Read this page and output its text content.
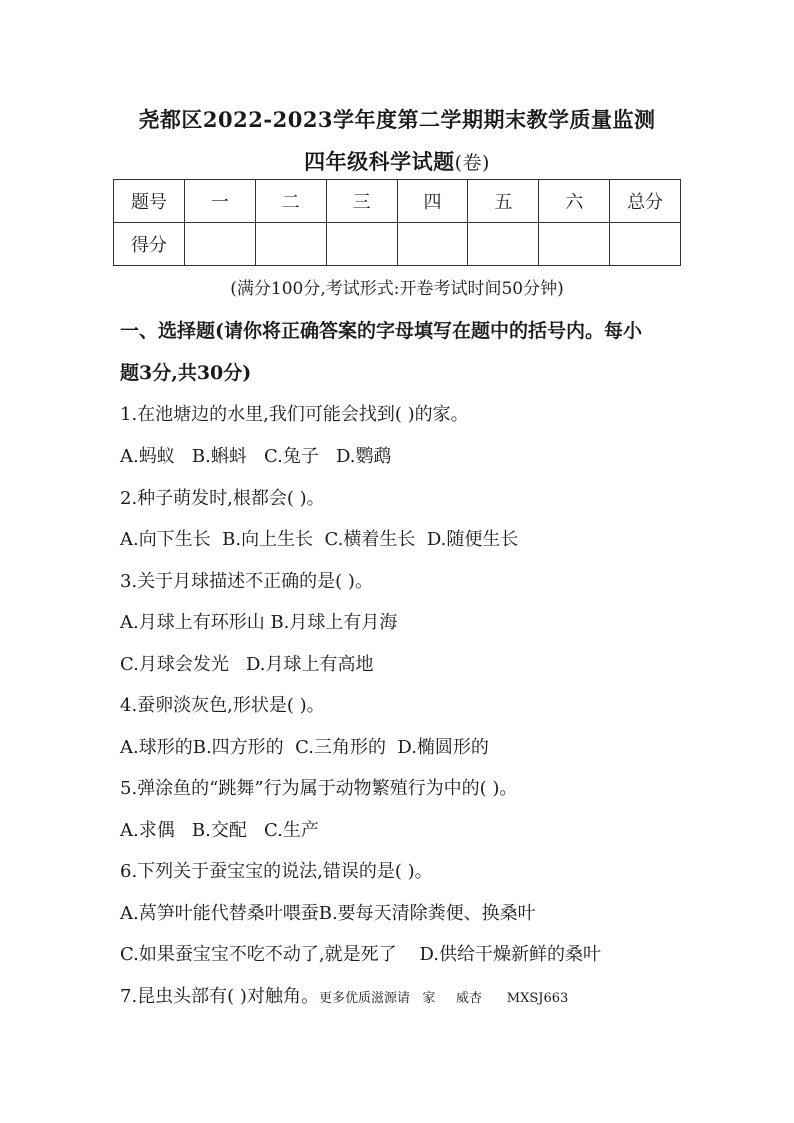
尧都区2022-2023学年度第二学期期末教学质量监测
四年级科学试题(卷)
题号	一	二	三	四	五	六	总分
得分							
(满分100分,考试形式:开卷考试时间50分钟)
一、选择题(请你将正确答案的字母填写在题中的括号内。每小
题3分,共30分)
1.在池塘边的水里,我们可能会找到( )的家。
A.蚂蚁   B.蝌蚪   C.兔子   D.鹦鹉
2.种子萌发时,根都会( )。
A.向下生长  B.向上生长  C.横着生长  D.随便生长
3.关于月球描述不正确的是( )。
A.月球上有环形山 B.月球上有月海
C.月球会发光   D.月球上有高地
4.蚕卵淡灰色,形状是( )。
A.球形的B.四方形的  C.三角形的  D.椭圆形的
5.弹涂鱼的“跳舞”行为属于动物繁殖行为中的( )。
A.求偶   B.交配   C.生产
6.下列关于蚕宝宝的说法,错误的是( )。
A.莴笋叶能代替桑叶喂蚕B.要每天清除粪便、换桑叶
C.如果蚕宝宝不吃不动了,就是死了    D.供给干燥新鲜的桑叶
7.昆虫头部有( )对触角。更多优质滋源请   家     威杏      MXSJ663
